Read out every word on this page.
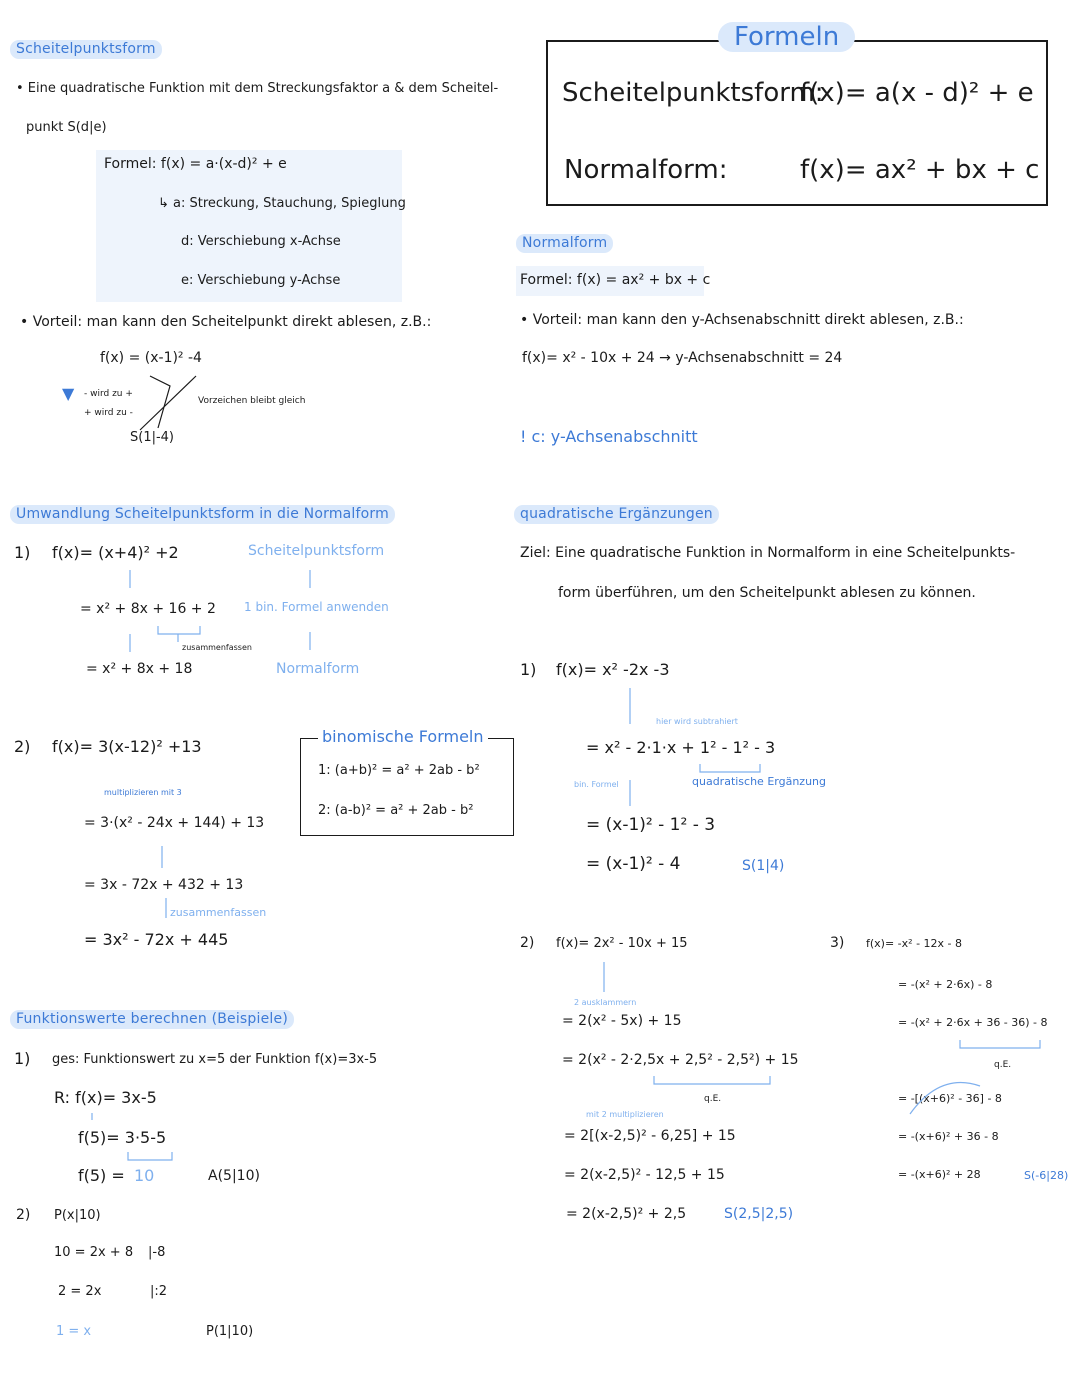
Scheitelpunktsform
• Eine quadratische Funktion mit dem Streckungsfaktor a & dem Scheitel-
punkt S(d|e)
Formel: f(x) = a·(x-d)² + e
↳ a: Streckung, Stauchung, Spieglung
d: Verschiebung x-Achse
e: Verschiebung y-Achse
• Vorteil: man kann den Scheitelpunkt direkt ablesen, z.B.:
f(x) = (x-1)² -4
▼ - wird zu +
+ wird zu -
Vorzeichen bleibt gleich
S(1|-4)
Umwandlung Scheitelpunktsform in die Normalform
1) f(x)= (x+4)² +2
= x² + 8x + 16 + 2
zusammenfassen
= x² + 8x + 18
Scheitelpunktsform
1 bin. Formel anwenden
Normalform
2) f(x)= 3(x-12)² +13
multiplizieren mit 3
= 3·(x² - 24x + 144) + 13
= 3x - 72x + 432 + 13
zusammenfassen
= 3x² - 72x + 445
binomische Formeln
1: (a+b)² = a² + 2ab - b²
2: (a-b)² = a² + 2ab - b²
Funktionswerte berechnen (Beispiele)
1) ges: Funktionswert zu x=5 der Funktion f(x)=3x-5
R: f(x)= 3x-5
f(5)= 3·5-5
f(5) = 10	A(5|10)
2) P(x|10)
10 = 2x + 8 |-8
2 = 2x	|:2
1 = x	P(1|10)
Formeln
Scheitelpunktsform:
f(x)= a(x - d)² + e
Normalform:	f(x)= ax² + bx + c
Normalform
Formel: f(x) = ax² + bx + c
• Vorteil: man kann den y-Achsenabschnitt direkt ablesen, z.B.:
f(x)= x² - 10x + 24 → y-Achsenabschnitt = 24
! c: y-Achsenabschnitt
quadratische Ergänzungen
Ziel: Eine quadratische Funktion in Normalform in eine Scheitelpunkts-
form überführen, um den Scheitelpunkt ablesen zu können.
1) f(x)= x² -2x -3
hier wird subtrahiert
= x² - 2·1·x + 1² - 1² - 3
bin. Formel	quadratische Ergänzung
= (x-1)² - 1² - 3
= (x-1)² - 4	S(1|4)
2) f(x)= 2x² - 10x + 15
2 ausklammern
= 2(x² - 5x) + 15
= 2(x² - 2·2,5x + 2,5² - 2,5²) + 15
q.E.
mit 2 multiplizieren
= 2[(x-2,5)² - 6,25] + 15
= 2(x-2,5)² - 12,5 + 15
= 2(x-2,5)² + 2,5	S(2,5|2,5)
3) f(x)= -x² - 12x - 8
= -(x² + 2·6x) - 8
= -(x² + 2·6x + 36 - 36) - 8
q.E.
= -[(x+6)² - 36] - 8
= -(x+6)² + 36 - 8
= -(x+6)² + 28	S(-6|28)
